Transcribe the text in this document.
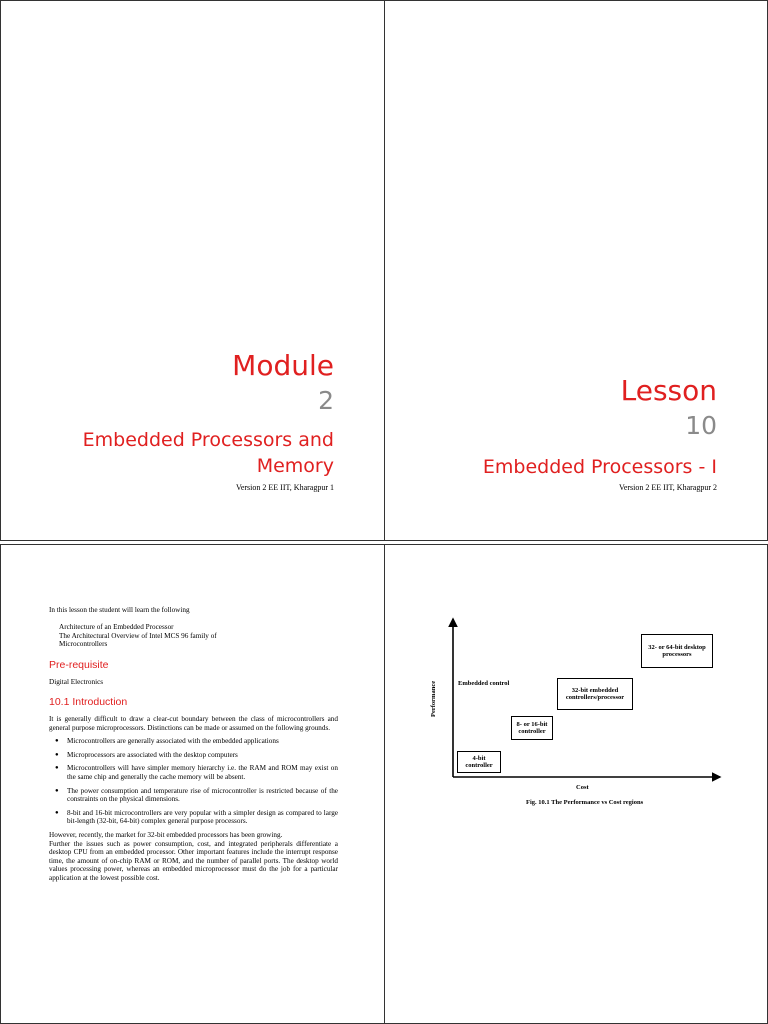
Module
2
Embedded Processors and
Memory
Version 2 EE IIT, Kharagpur 1
Lesson
10
Embedded Processors - I
Version 2 EE IIT, Kharagpur 2
In this lesson the student will learn the following
Architecture of an Embedded Processor
The Architectural Overview of Intel MCS 96 family of
Microcontrollers
Pre-requisite
Digital Electronics
10.1 Introduction
It is generally difficult to draw a clear-cut boundary between the class of microcontrollers and general purpose microprocessors. Distinctions can be made or assumed on the following grounds.
● Microcontrollers are generally associated with the embedded applications
● Microprocessors are associated with the desktop computers
● Microcontrollers will have simpler memory hierarchy i.e. the RAM and ROM may exist on the same chip and generally the cache memory will be absent.
● The power consumption and temperature rise of microcontroller is restricted because of the constraints on the physical dimensions.
● 8-bit and 16-bit microcontrollers are very popular with a simpler design as compared to large bit-length (32-bit, 64-bit) complex general purpose processors.
However, recently, the market for 32-bit embedded processors has been growing.
Further the issues such as power consumption, cost, and integrated peripherals differentiate a desktop CPU from an embedded processor. Other important features include the interrupt response time, the amount of on-chip RAM or ROM, and the number of parallel ports. The desktop world values processing power, whereas an embedded microprocessor must do the job for a particular application at the lowest possible cost.
Performance	Embedded control
4-bit controller
8- or 16-bit controller
32-bit embedded controllers/processor
32- or 64-bit desktop processors
Cost
Fig. 10.1 The Performance vs Cost regions
